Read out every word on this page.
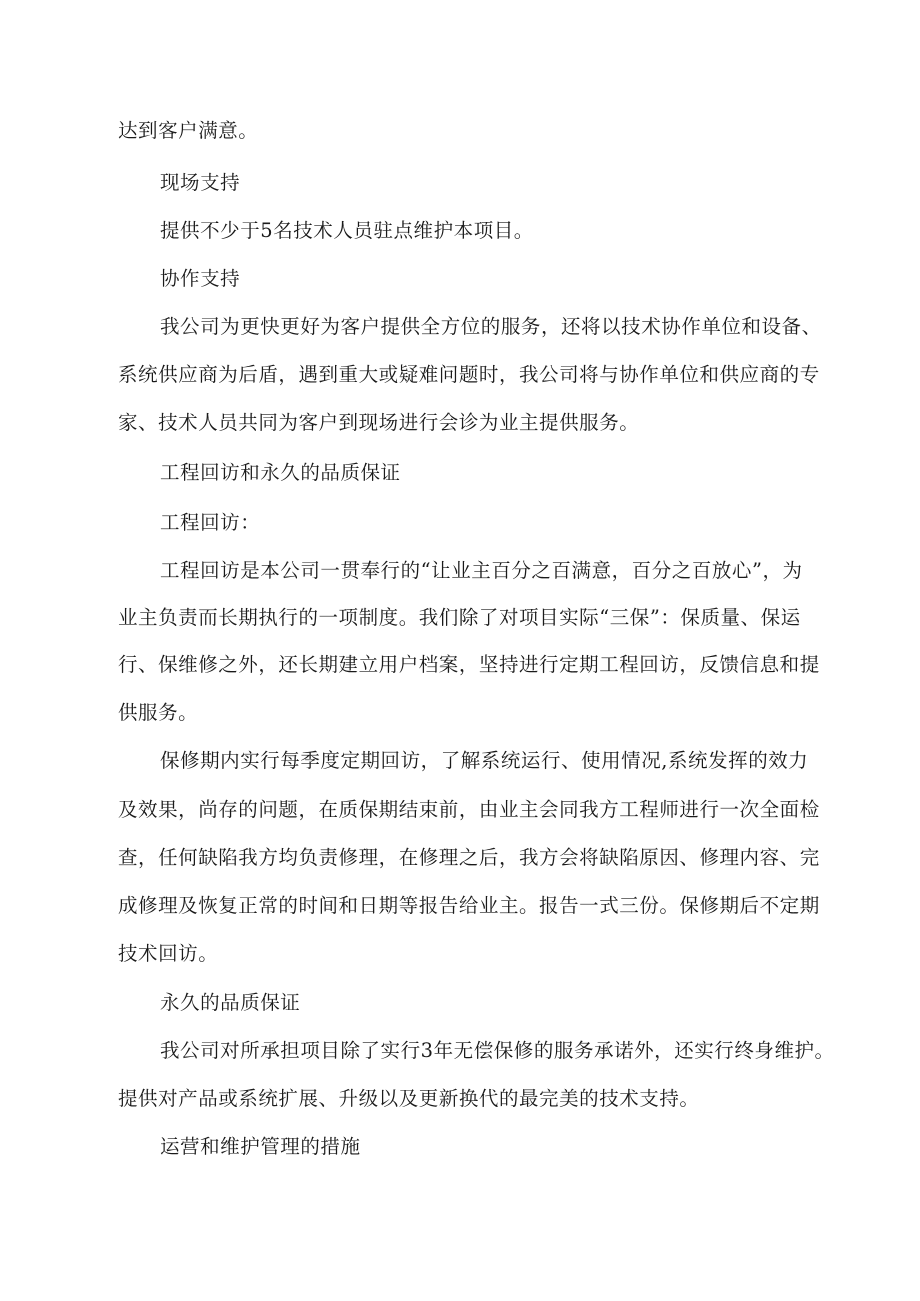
达到客户满意。
现场支持
提供不少于5名技术人员驻点维护本项目。
协作支持
我公司为更快更好为客户提供全方位的服务，还将以技术协作单位和设备、
系统供应商为后盾，遇到重大或疑难问题时，我公司将与协作单位和供应商的专
家、技术人员共同为客户到现场进行会诊为业主提供服务。
工程回访和永久的品质保证
工程回访：
工程回访是本公司一贯奉行的“让业主百分之百满意，百分之百放心”，为
业主负责而长期执行的一项制度。我们除了对项目实际“三保”：保质量、保运
行、保维修之外，还长期建立用户档案，坚持进行定期工程回访，反馈信息和提
供服务。
保修期内实行每季度定期回访，了解系统运行、使用情况,系统发挥的效力
及效果，尚存的问题，在质保期结束前，由业主会同我方工程师进行一次全面检
查，任何缺陷我方均负责修理，在修理之后，我方会将缺陷原因、修理内容、完
成修理及恢复正常的时间和日期等报告给业主。报告一式三份。保修期后不定期
技术回访。
永久的品质保证
我公司对所承担项目除了实行3年无偿保修的服务承诺外，还实行终身维护。
提供对产品或系统扩展、升级以及更新换代的最完美的技术支持。
运营和维护管理的措施
